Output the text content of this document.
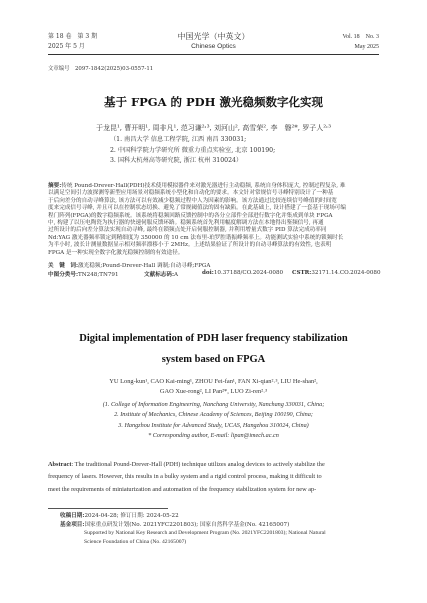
第 18 卷　第 3 期
2025 年 5 月
中国光学（中英文）
Chinese Optics
Vol. 18　No. 3
May 2025
文章编号　2097-1842(2025)03-0557-11
基于 FPGA 的 PDH 激光稳频数字化实现
于龙昆¹, 曹开明¹, 周非凡¹, 范习谦²˒³, 刘河山², 高雪荣², 李　磐²*, 罗子人²˒³
（1. 南昌大学 信息工程学院, 江西 南昌 330031;
2. 中国科学院力学研究所 微重力重点实验室, 北京 100190;
3. 国科大杭州高等研究院, 浙江 杭州 310024）
摘要:传统 Pound-Drever-Hall(PDH)技术使用模拟器件来对激光器进行主动稳频, 系统自身体积庞大, 控制过程复杂, 难
以满足空间引力波探测等新型应用场景对稳频系统小型化和自动化的要求。本文针对常规信号寻峰特别设计了一种基
于后向差分的自动寻峰算法, 该方法可以有效减少稳频过程中人为因素的影响。该方法通过比较连续信号峰值的时间宽
度来完成信号寻峰, 并且可以在控制状态切换、避免了常规阈值法的固有缺陷。在此基础上, 设计搭建了一套基于现场可编
程门阵列(FPGA)的数字稳频系统。该系统将稳频回路反馈控制中的各分立部件全部进行数字化并集成到单块 FPGA
中, 构建了以压电陶瓷为执行器的快速伺服反馈环路。稳频系统首先利用幅度解调方法在本地得出鉴频信号, 再通
过所设计的后向差分算法实现自动寻峰, 最终在锁频点处开启伺服控制器, 并利用增量式数字 PID 算法完成功率同
Nd:YAG 激光器频率锁定到精细度为 350000 的 10 cm 法布里-珀罗腔谐振峰频率上。功能测试实验中系统的锁频时长
为半小时, 波长计测量数据显示相对频率漂移小于 2MHz。上述结果验证了所设计的自动寻峰算法的有效性, 也表明
FPGA 是一种实现全数字化激光稳频控制的有效途径。
关　键　词:激光稳频;Pound-Drever-Hall 调制;自动寻峰;FPGA
中图分类号:TN248;TN791	文献标志码:A	doi:10.37188/CO.2024-0080 CSTR:32171.14.CO.2024-0080
Digital implementation of PDH laser frequency stabilization
system based on FPGA
YU Long-kun¹, CAO Kai-ming¹, ZHOU Fei-fan¹, FAN Xi-qian²˒³, LIU He-shan²,
GAO Xue-rong², LI Pan²*, LUO Zi-ren²˒³
(1. College of Information Engineering, Nanchang University, Nanchang 330031, China;
2. Institute of Mechanics, Chinese Academy of Sciences, Beijing 100190, China;
3. Hangzhou Institute for Advanced Study, UCAS, Hangzhou 310024, China)
* Corresponding author, E-mail: lipan@imech.ac.cn
Abstract: The traditional Pound-Drever-Hall (PDH) technique utilizes analog devices to actively stabilize the
frequency of lasers. However, this results in a bulky system and a rigid control process, making it difficult to
meet the requirements of miniaturization and automation of the frequency stabilization system for new ap-
收稿日期:2024-04-28; 修订日期: 2024-05-22
基金项目:国家重点研发计划(No. 2021YFC2201803); 国家自然科学基金(No. 42165007)
Supported by National Key Research and Development Program (No. 2021YFC2201803); National Natural
Science Foundation of China (No. 42165007)
